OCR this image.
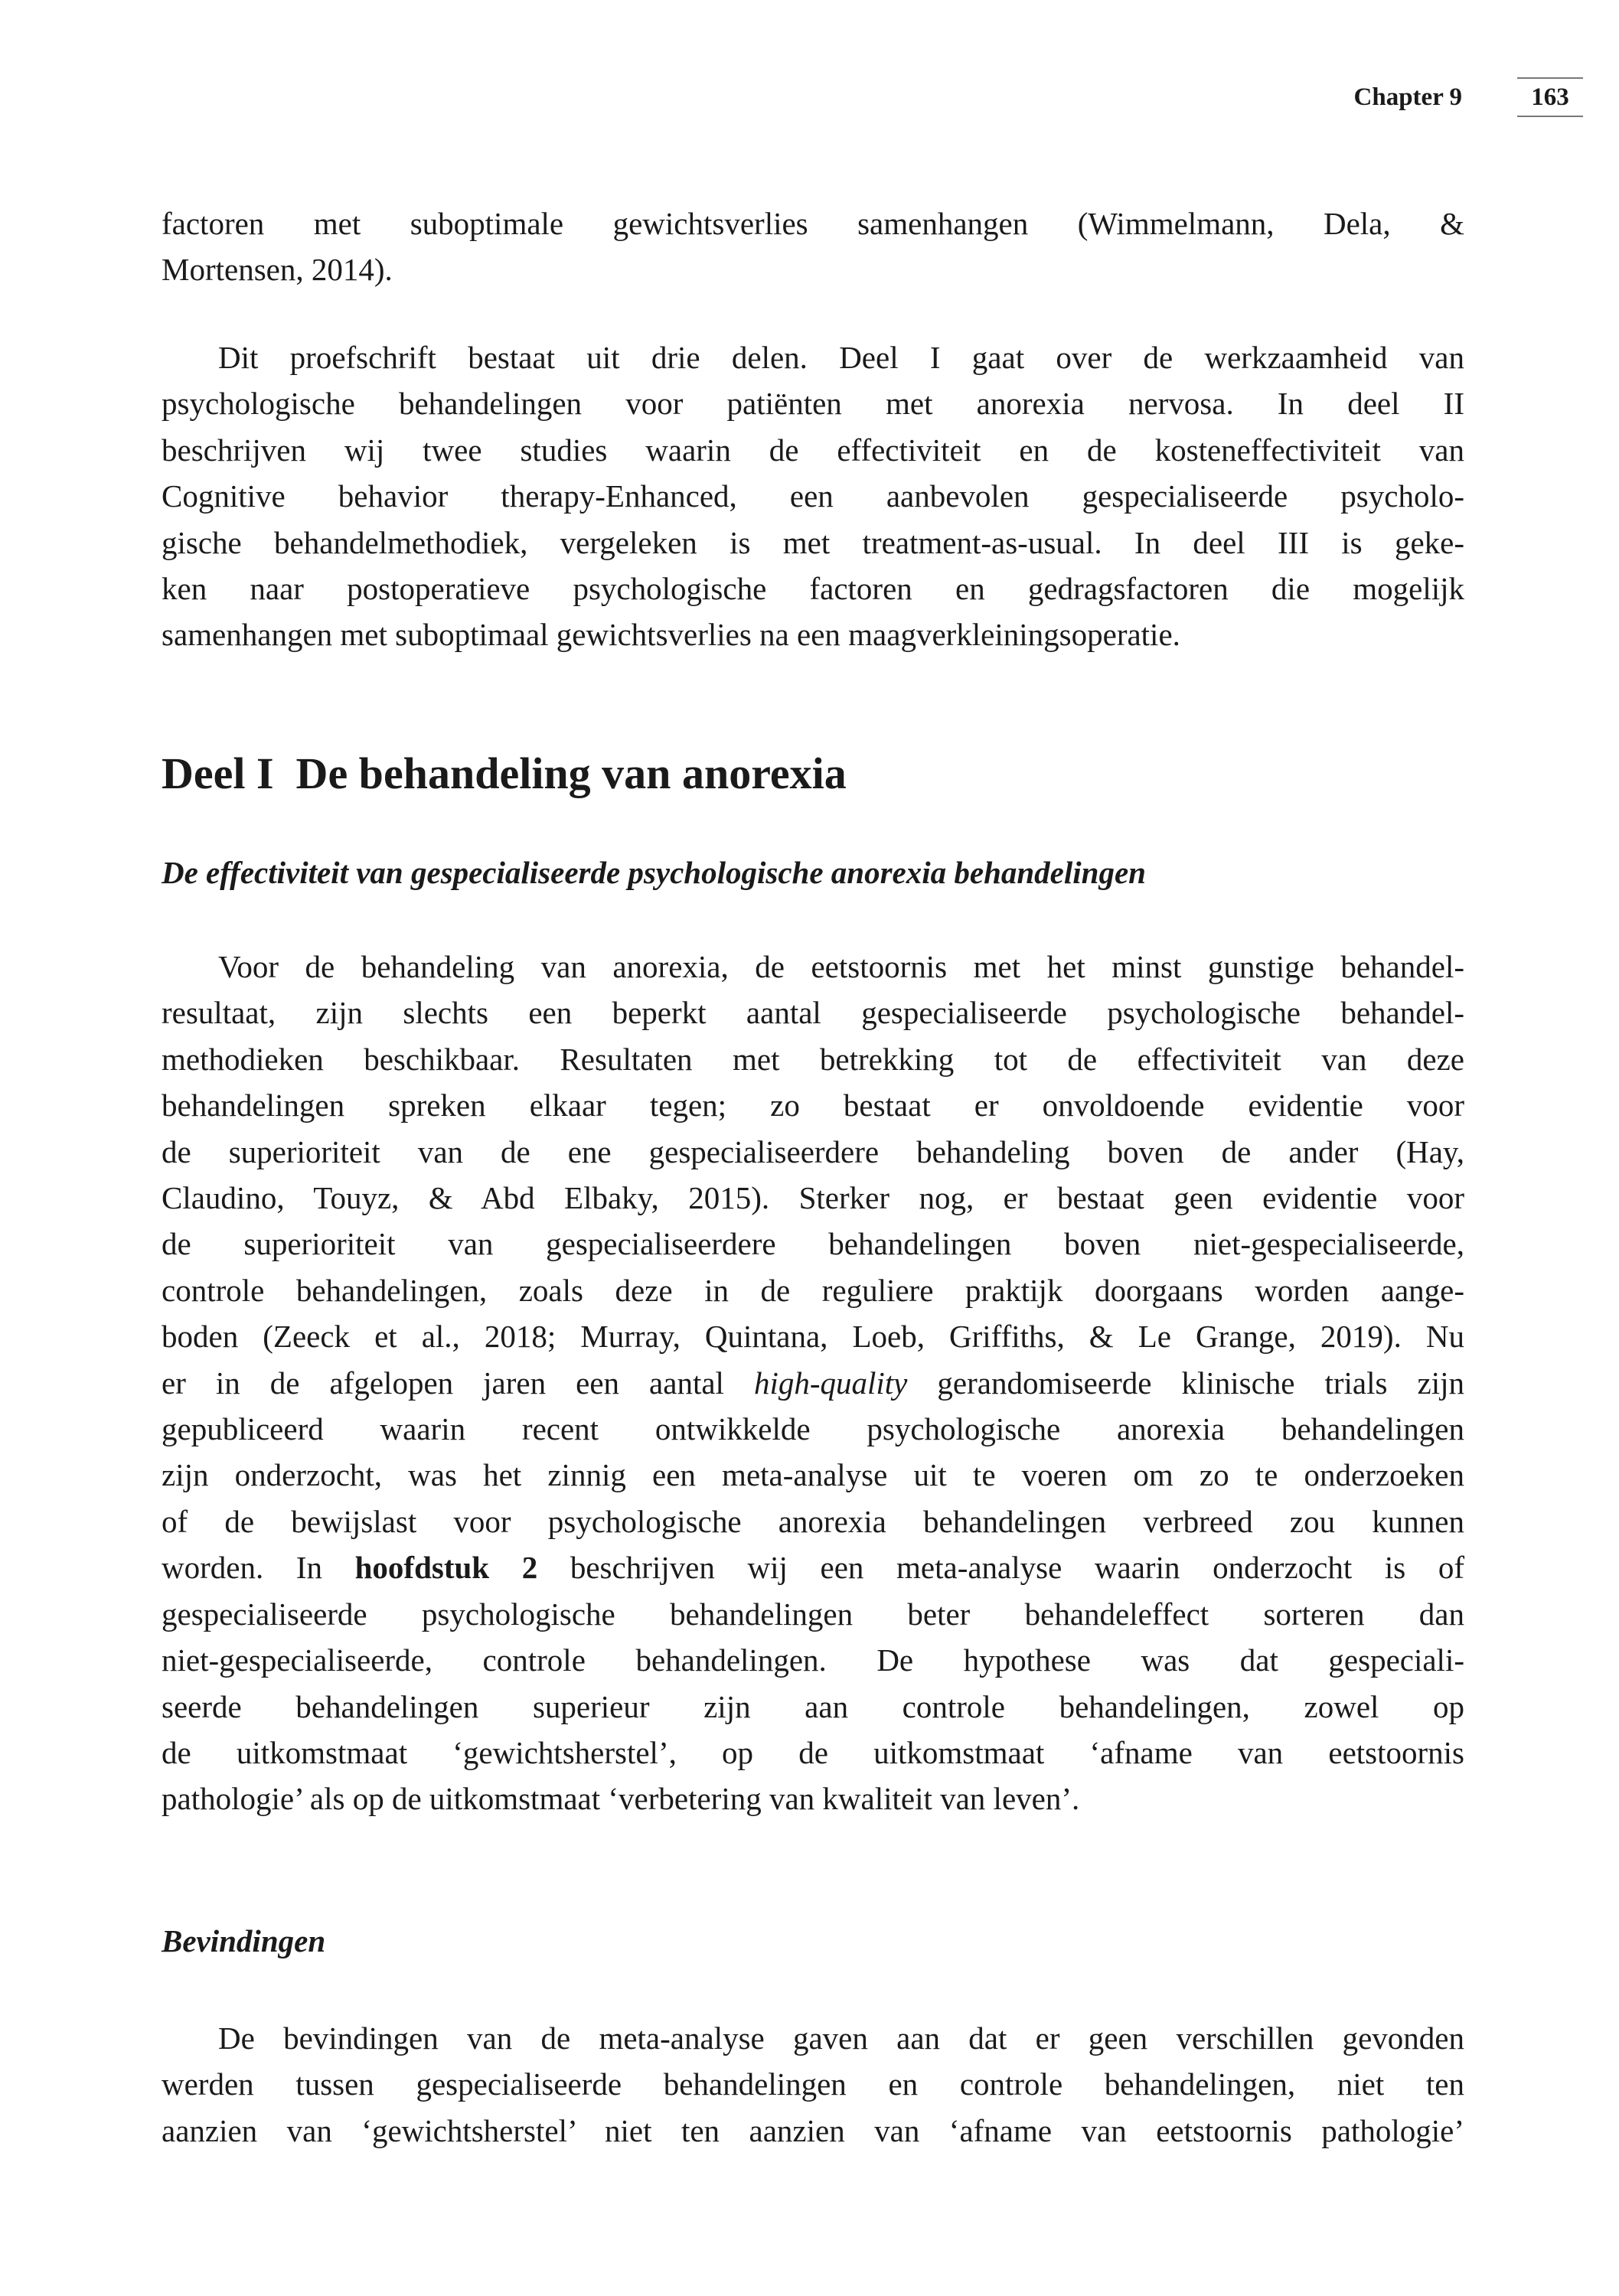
Chapter 9	163
factoren met suboptimale gewichtsverlies samenhangen (Wimmelmann, Dela, &
Mortensen, 2014).
Dit proefschrift bestaat uit drie delen. Deel I gaat over de werkzaamheid van
psychologische behandelingen voor patiënten met anorexia nervosa. In deel II
beschrijven wij twee studies waarin de effectiviteit en de kosteneffectiviteit van
Cognitive behavior therapy-Enhanced, een aanbevolen gespecialiseerde psycholo-
gische behandelmethodiek, vergeleken is met treatment-as-usual. In deel III is geke-
ken naar postoperatieve psychologische factoren en gedragsfactoren die mogelijk
samenhangen met suboptimaal gewichtsverlies na een maagverkleiningsoperatie.
Deel I  De behandeling van anorexia
De effectiviteit van gespecialiseerde psychologische anorexia behandelingen
Voor de behandeling van anorexia, de eetstoornis met het minst gunstige behandel-
resultaat, zijn slechts een beperkt aantal gespecialiseerde psychologische behandel-
methodieken beschikbaar. Resultaten met betrekking tot de effectiviteit van deze
behandelingen spreken elkaar tegen; zo bestaat er onvoldoende evidentie voor
de superioriteit van de ene gespecialiseerdere behandeling boven de ander (Hay,
Claudino, Touyz, & Abd Elbaky, 2015). Sterker nog, er bestaat geen evidentie voor
de superioriteit van gespecialiseerdere behandelingen boven niet-gespecialiseerde,
controle behandelingen, zoals deze in de reguliere praktijk doorgaans worden aange-
boden (Zeeck et al., 2018; Murray, Quintana, Loeb, Griffiths, & Le Grange, 2019). Nu
er in de afgelopen jaren een aantal high-quality gerandomiseerde klinische trials zijn
gepubliceerd waarin recent ontwikkelde psychologische anorexia behandelingen
zijn onderzocht, was het zinnig een meta-analyse uit te voeren om zo te onderzoeken
of de bewijslast voor psychologische anorexia behandelingen verbreed zou kunnen
worden. In hoofdstuk 2 beschrijven wij een meta-analyse waarin onderzocht is of
gespecialiseerde psychologische behandelingen beter behandeleffect sorteren dan
niet-gespecialiseerde, controle behandelingen. De hypothese was dat gespeciali-
seerde behandelingen superieur zijn aan controle behandelingen, zowel op
de uitkomstmaat ‘gewichtsherstel’, op de uitkomstmaat ‘afname van eetstoornis
pathologie’ als op de uitkomstmaat ‘verbetering van kwaliteit van leven’.
Bevindingen
De bevindingen van de meta-analyse gaven aan dat er geen verschillen gevonden
werden tussen gespecialiseerde behandelingen en controle behandelingen, niet ten
aanzien van ‘gewichtsherstel’ niet ten aanzien van ‘afname van eetstoornis pathologie’
